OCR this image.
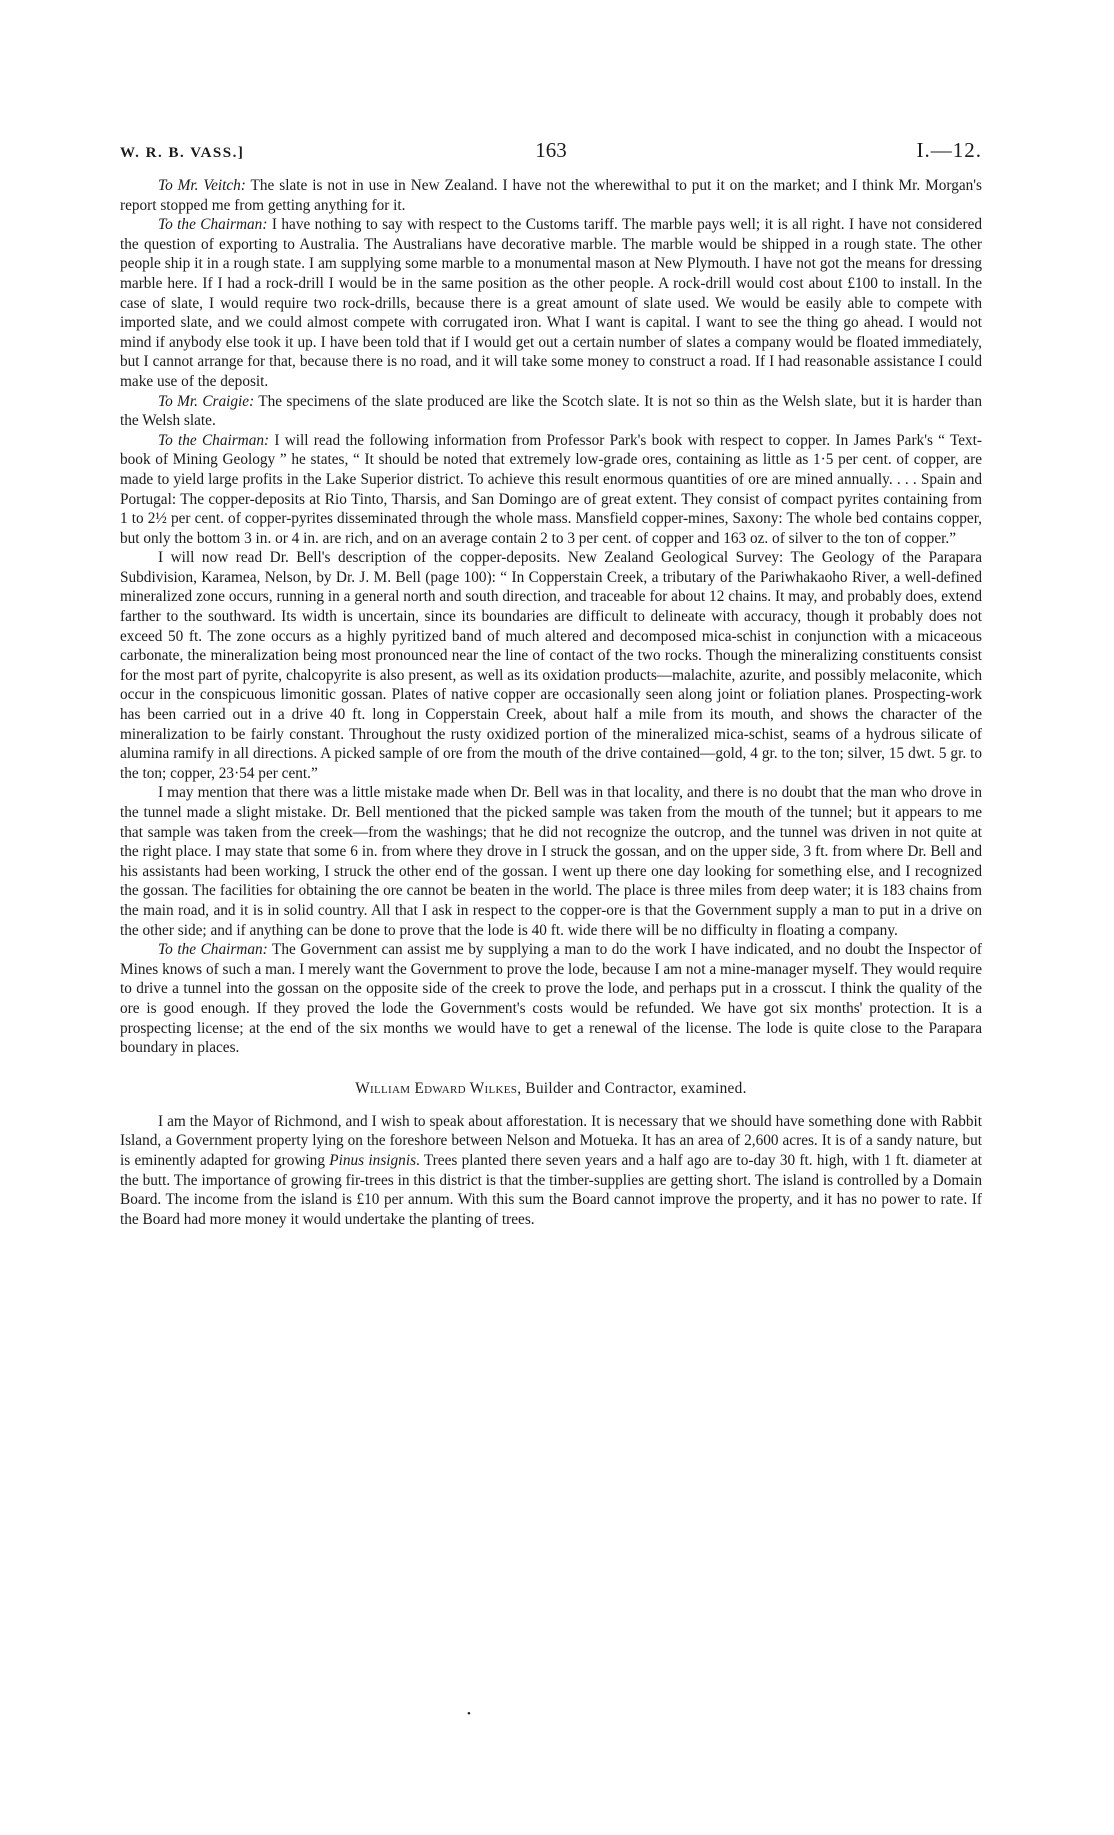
W. R. B. VASS.]	163	I.—12.

To Mr. Veitch: The slate is not in use in New Zealand. I have not the wherewithal to put it on the market; and I think Mr. Morgan's report stopped me from getting anything for it.

To the Chairman: I have nothing to say with respect to the Customs tariff. The marble pays well; it is all right. I have not considered the question of exporting to Australia. The Australians have decorative marble. The marble would be shipped in a rough state. The other people ship it in a rough state. I am supplying some marble to a monumental mason at New Plymouth. I have not got the means for dressing marble here. If I had a rock-drill I would be in the same position as the other people. A rock-drill would cost about £100 to install. In the case of slate, I would require two rock-drills, because there is a great amount of slate used. We would be easily able to compete with imported slate, and we could almost compete with corrugated iron. What I want is capital. I want to see the thing go ahead. I would not mind if anybody else took it up. I have been told that if I would get out a certain number of slates a company would be floated immediately, but I cannot arrange for that, because there is no road, and it will take some money to construct a road. If I had reasonable assistance I could make use of the deposit.

To Mr. Craigie: The specimens of the slate produced are like the Scotch slate. It is not so thin as the Welsh slate, but it is harder than the Welsh slate.

To the Chairman: I will read the following information from Professor Park's book with respect to copper. In James Park's “ Text-book of Mining Geology ” he states, “ It should be noted that extremely low-grade ores, containing as little as 1·5 per cent. of copper, are made to yield large profits in the Lake Superior district. To achieve this result enormous quantities of ore are mined annually. . . . Spain and Portugal: The copper-deposits at Rio Tinto, Tharsis, and San Domingo are of great extent. They consist of compact pyrites containing from 1 to 2½ per cent. of copper-pyrites disseminated through the whole mass. Mansfield copper-mines, Saxony: The whole bed contains copper, but only the bottom 3 in. or 4 in. are rich, and on an average contain 2 to 3 per cent. of copper and 163 oz. of silver to the ton of copper.”

I will now read Dr. Bell's description of the copper-deposits. New Zealand Geological Survey: The Geology of the Parapara Subdivision, Karamea, Nelson, by Dr. J. M. Bell (page 100): “ In Copperstain Creek, a tributary of the Pariwhakaoho River, a well-defined mineralized zone occurs, running in a general north and south direction, and traceable for about 12 chains. It may, and probably does, extend farther to the southward. Its width is uncertain, since its boundaries are difficult to delineate with accuracy, though it probably does not exceed 50 ft. The zone occurs as a highly pyritized band of much altered and decomposed mica-schist in conjunction with a micaceous carbonate, the mineralization being most pronounced near the line of contact of the two rocks. Though the mineralizing constituents consist for the most part of pyrite, chalcopyrite is also present, as well as its oxidation products—malachite, azurite, and possibly melaconite, which occur in the conspicuous limonitic gossan. Plates of native copper are occasionally seen along joint or foliation planes. Prospecting-work has been carried out in a drive 40 ft. long in Copperstain Creek, about half a mile from its mouth, and shows the character of the mineralization to be fairly constant. Throughout the rusty oxidized portion of the mineralized mica-schist, seams of a hydrous silicate of alumina ramify in all directions. A picked sample of ore from the mouth of the drive contained—gold, 4 gr. to the ton; silver, 15 dwt. 5 gr. to the ton; copper, 23·54 per cent.”

I may mention that there was a little mistake made when Dr. Bell was in that locality, and there is no doubt that the man who drove in the tunnel made a slight mistake. Dr. Bell mentioned that the picked sample was taken from the mouth of the tunnel; but it appears to me that sample was taken from the creek—from the washings; that he did not recognize the outcrop, and the tunnel was driven in not quite at the right place. I may state that some 6 in. from where they drove in I struck the gossan, and on the upper side, 3 ft. from where Dr. Bell and his assistants had been working, I struck the other end of the gossan. I went up there one day looking for something else, and I recognized the gossan. The facilities for obtaining the ore cannot be beaten in the world. The place is three miles from deep water; it is 183 chains from the main road, and it is in solid country. All that I ask in respect to the copper-ore is that the Government supply a man to put in a drive on the other side; and if anything can be done to prove that the lode is 40 ft. wide there will be no difficulty in floating a company.

To the Chairman: The Government can assist me by supplying a man to do the work I have indicated, and no doubt the Inspector of Mines knows of such a man. I merely want the Government to prove the lode, because I am not a mine-manager myself. They would require to drive a tunnel into the gossan on the opposite side of the creek to prove the lode, and perhaps put in a crosscut. I think the quality of the ore is good enough. If they proved the lode the Government's costs would be refunded. We have got six months' protection. It is a prospecting license; at the end of the six months we would have to get a renewal of the license. The lode is quite close to the Parapara boundary in places.

William Edward Wilkes, Builder and Contractor, examined.

I am the Mayor of Richmond, and I wish to speak about afforestation. It is necessary that we should have something done with Rabbit Island, a Government property lying on the foreshore between Nelson and Motueka. It has an area of 2,600 acres. It is of a sandy nature, but is eminently adapted for growing Pinus insignis. Trees planted there seven years and a half ago are to-day 30 ft. high, with 1 ft. diameter at the butt. The importance of growing fir-trees in this district is that the timber-supplies are getting short. The island is controlled by a Domain Board. The income from the island is £10 per annum. With this sum the Board cannot improve the property, and it has no power to rate. If the Board had more money it would undertake the planting of trees.

•
